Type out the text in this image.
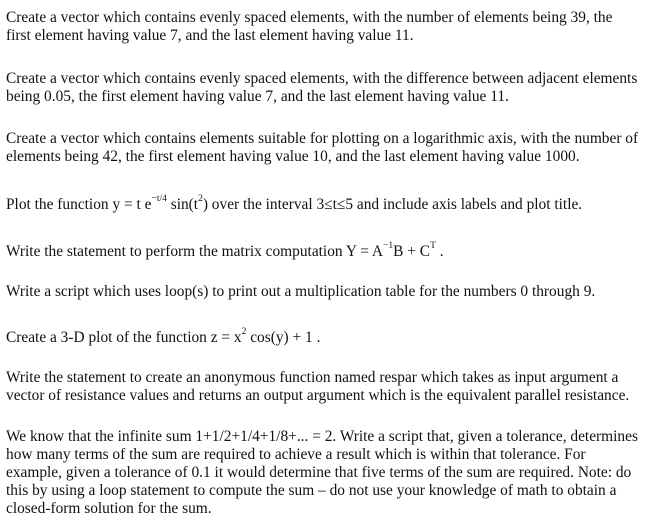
Create a vector which contains evenly spaced elements, with the number of elements being 39, the first element having value 7, and the last element having value 11.

Create a vector which contains evenly spaced elements, with the difference between adjacent elements being 0.05, the first element having value 7, and the last element having value 11.

Create a vector which contains elements suitable for plotting on a logarithmic axis, with the number of elements being 42, the first element having value 10, and the last element having value 1000.

Plot the function y = t $e^{-t/4}$ $\sin(t^2)$ over the interval 3≤t≤5 and include axis labels and plot title.

Write the statement to perform the matrix computation $Y = A^{-1}B + C^T$ .

Write a script which uses loop(s) to print out a multiplication table for the numbers 0 through 9.

Create a 3-D plot of the function $z = x^2$ cos(y) + 1 .

Write the statement to create an anonymous function named respar which takes as input argument a vector of resistance values and returns an output argument which is the equivalent parallel resistance.

We know that the infinite sum 1+1/2+1/4+1/8+... = 2. Write a script that, given a tolerance, determines how many terms of the sum are required to achieve a result which is within that tolerance. For example, given a tolerance of 0.1 it would determine that five terms of the sum are required. Note: do this by using a loop statement to compute the sum – do not use your knowledge of math to obtain a closed-form solution for the sum.
